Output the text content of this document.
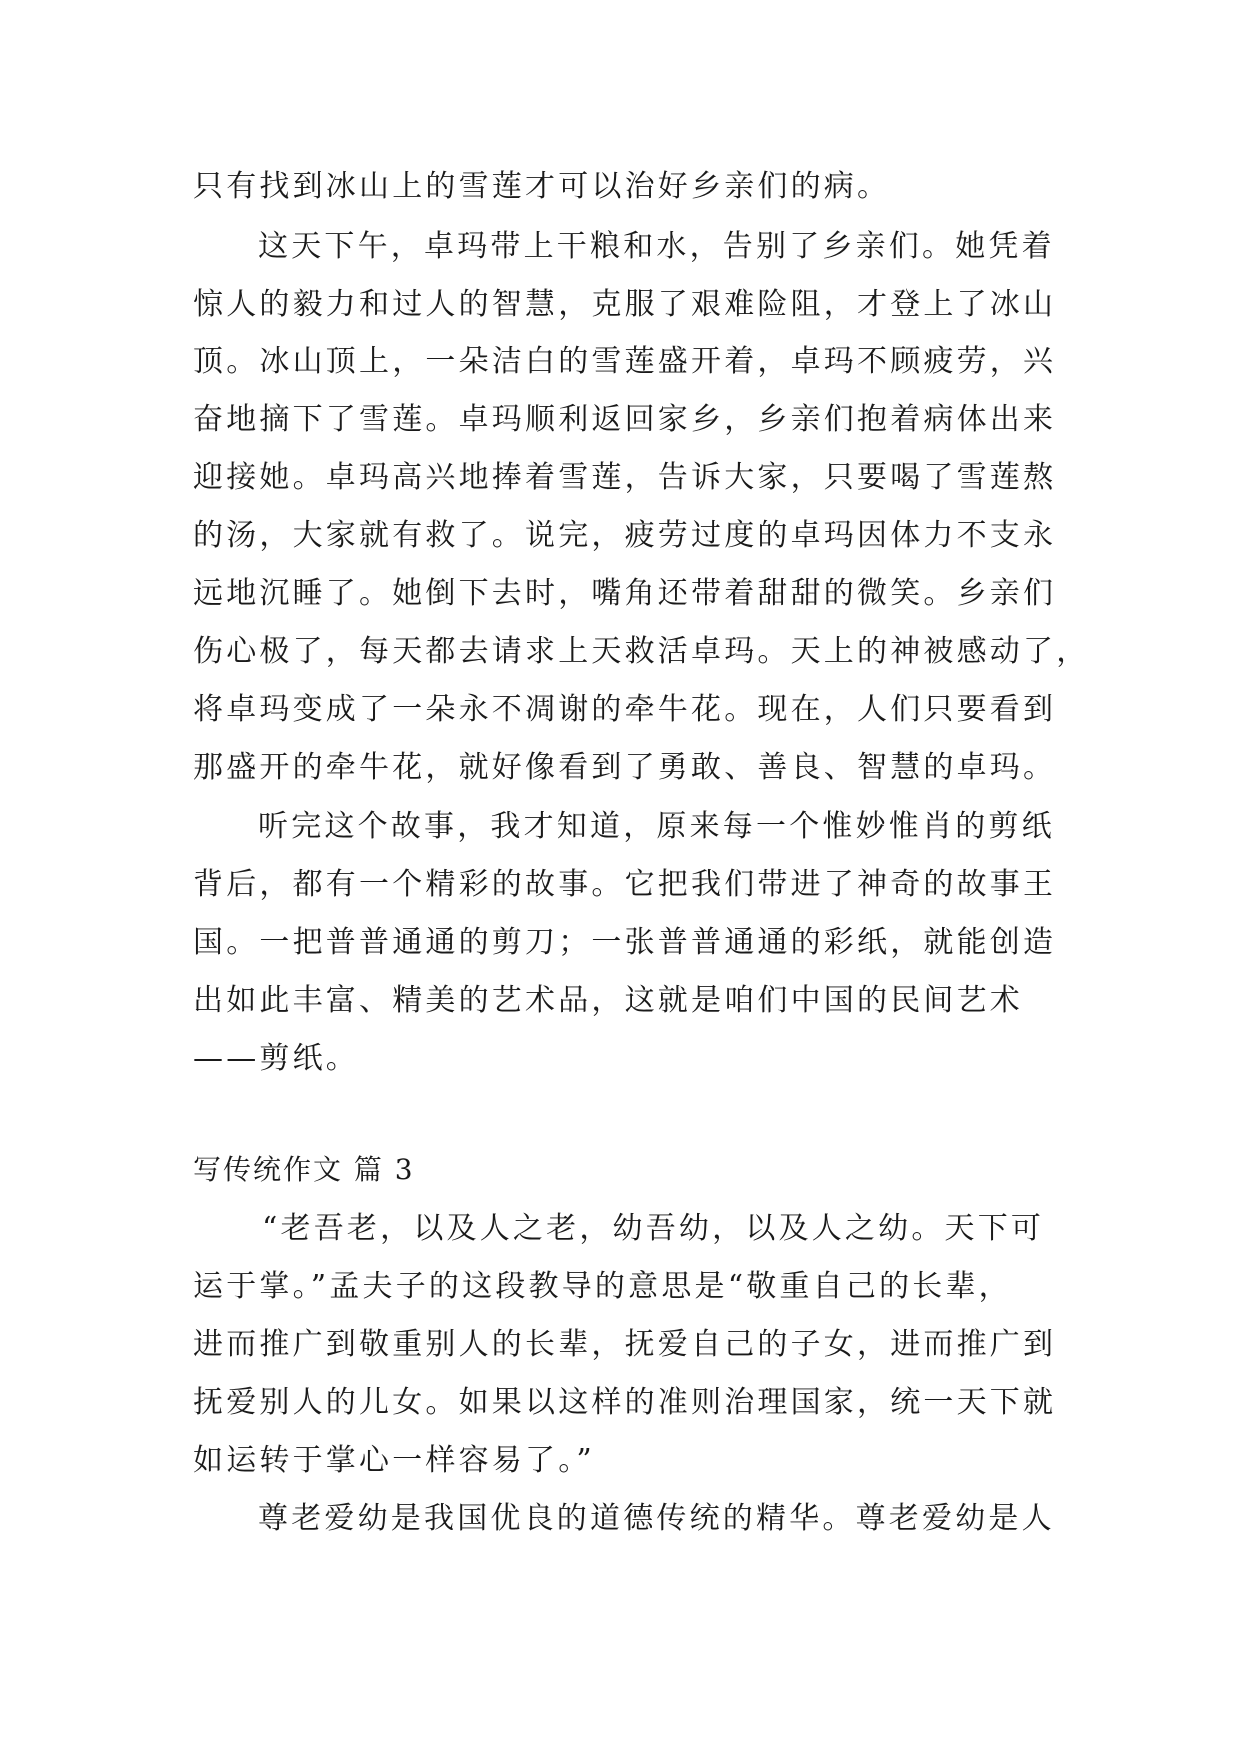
只有找到冰山上的雪莲才可以治好乡亲们的病。
这天下午，卓玛带上干粮和水，告别了乡亲们。她凭着
惊人的毅力和过人的智慧，克服了艰难险阻，才登上了冰山
顶。冰山顶上，一朵洁白的雪莲盛开着，卓玛不顾疲劳，兴
奋地摘下了雪莲。卓玛顺利返回家乡，乡亲们抱着病体出来
迎接她。卓玛高兴地捧着雪莲，告诉大家，只要喝了雪莲熬
的汤，大家就有救了。说完，疲劳过度的卓玛因体力不支永
远地沉睡了。她倒下去时，嘴角还带着甜甜的微笑。乡亲们
伤心极了，每天都去请求上天救活卓玛。天上的神被感动了，
将卓玛变成了一朵永不凋谢的牵牛花。现在，人们只要看到
那盛开的牵牛花，就好像看到了勇敢、善良、智慧的卓玛。
听完这个故事，我才知道，原来每一个惟妙惟肖的剪纸
背后，都有一个精彩的故事。它把我们带进了神奇的故事王
国。一把普普通通的剪刀；一张普普通通的彩纸，就能创造
出如此丰富、精美的艺术品，这就是咱们中国的民间艺术
——剪纸。
写传统作文 篇 3
“老吾老，以及人之老，幼吾幼，以及人之幼。天下可
运于掌。”孟夫子的这段教导的意思是“敬重自己的长辈，
进而推广到敬重别人的长辈，抚爱自己的子女，进而推广到
抚爱别人的儿女。如果以这样的准则治理国家，统一天下就
如运转于掌心一样容易了。”
尊老爱幼是我国优良的道德传统的精华。尊老爱幼是人
